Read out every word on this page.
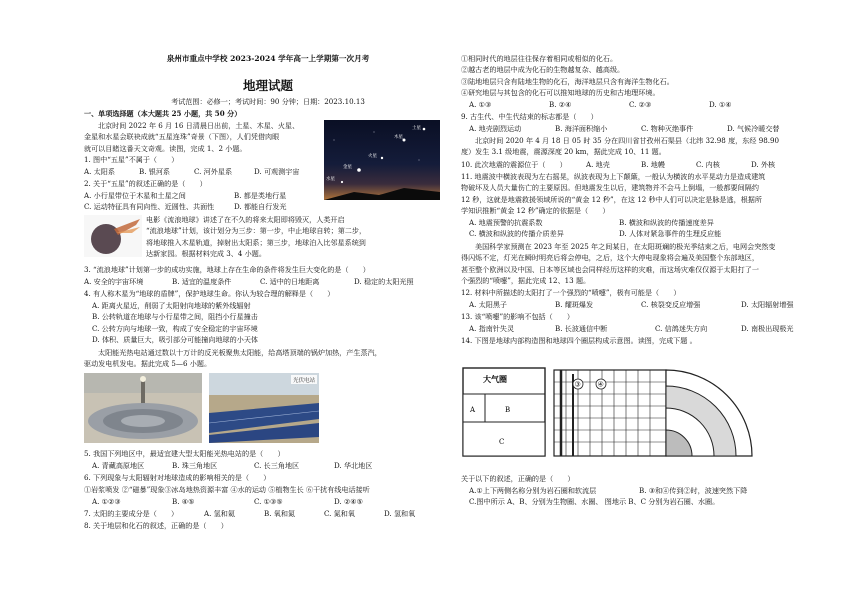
泉州市重点中学校 2023-2024 学年高一上学期第一次月考
地理试题
考试范围：必修一；考试时间：90 分钟；日期：2023.10.13
一、单项选择题（本大题共 25 小题，共 50 分）
北京时间 2022 年 6 月 16 日清晨日出前，土星、木星、火星、
金星和水星会联袂成就“五星连珠”奇景（下图），人们凭借肉眼
就可以目睹这番天文奇观。读图，完成 1、2 小题。
1. 图中“五星”不属于（　　）
A. 太阳系	B. 银河系	C. 河外星系	D. 可观测宇宙
2. 关于“五星”的叙述正确的是（　　）
A. 小行星带位于木星和土星之间	B. 都是类地行星
C. 运动特征具有同向性、近圆性、共面性	D. 都能自行发光
土星
木星
火星
金星
水星
电影《流浪地球》讲述了在不久的将来太阳即将毁灭，人类开启
“流浪地球”计划，该计划分为三步：第一步，中止地球自转；第二步，
将地球推入木星轨道，掉射出太阳系；第三步，地球泊入比邻星系统到
达新家园。根据材料完成 3、4 小题。
3. “流浪地球”计划第一步的成功实施，地球上存在生命的条件将发生巨大变化的是（　　）
A. 安全的宇宙环境	B. 适宜的温度条件	C. 适中的日地距离	D. 稳定的太阳光照
4. 有人称木星为“地球的盾牌”，保护地球生命。你认为较合理的解释是（　　）
A. 距离火星近，削弱了太阳射向地球的紫外线辐射
B. 公转轨道在地球与小行星带之间，阻挡小行星撞击
C. 公转方向与地球一致，构成了安全稳定的宇宙环境
D. 体积、质量巨大，吸引部分可能撞向地球的小天体
太阳能光热电站通过数以十万计的反光板聚焦太阳能，给高塔顶端的锅炉加热，产生蒸汽，
驱动发电机发电。据此完成 5—6 小题。
光伏电站
5. 我国下列地区中，最适宜建大型太阳能光热电站的是（　　）
A. 青藏高原地区	B. 珠三角地区	C. 长三角地区	D. 华北地区
6. 下列现象与太阳辐射对地球造成的影响相关的是（　　）
①岩浆喷发 ②“磁暴”现象③冰岛地热资源丰富 ④水的运动 ⑤植物生长 ⑥干扰有线电话接听
A. ①②③	B. ④⑤	C. ①③⑤	D. ②④⑤
7. 太阳的主要成分是（　　）	A. 氢和氦	B. 氧和氮	C. 氮和氧	D. 氢和氧
8. 关于地层和化石的叙述，正确的是（　　）
①相同时代的地层往往保存着相同或相似的化石。
②越古老的地层中成为化石的生物越复杂、越高级。
③陆地地层只含有陆地生物的化石，海洋地层只含有海洋生物化石。
④研究地层与其包含的化石可以推知地球的历史和古地理环境。
A. ①③	B. ②④	C. ②③	D. ①④
9. 古生代、中生代结束的标志都是（　　）
A. 地壳剧烈运动	B. 海洋面积缩小	C. 物种灭绝事件	D. 气候冷暖交替
北京时间 2020 年 4 月 18 日 05 时 35 分在四川省甘孜州石渠县（北纬 32.98 度，东经 98.90
度）发生 3.1 级地震，震源深度 20 km，据此完成 10、11 题。
10. 此次地震的震源位于（　　）	A. 地壳	B. 地幔	C. 内核	D. 外核
11. 地震波中横波表现为左右摇晃，纵波表现为上下颠簸，一般认为横波的水平晃动力是造成建筑
物破坏及人员大量伤亡的主要原因。但地震发生以后，建筑物并不会马上倒塌，一般都要间隔约
12 秒，这就是地震救援领域所说的“黄金 12 秒”，在这 12 秒中人们可以决定是脉是逃，根据所
学知识推断“黄金 12 秒”确定的依据是（　　）
A. 地震预警的抗震系数	B. 横波和纵波的传播速度差异
C. 横波和纵波的传播介质差异	D. 人体对紧急事件的生理反应能
美国科学家预测在 2023 年至 2025 年之间某日，在太阳斑斓的极光季结束之后，电网会突然变
得闪烁不定，灯光在瞬时明亮后将会停电，之后，这个大停电现象将会遍及美国整个东部地区，
甚至整个欧洲以及中国、日本等区域也会同样经历这样的灾难，而这场灾难仅仅源于太阳打了一
个强烈的“喷嚏”，据此完成 12、13 题。
12. 材料中所描述的太阳打了一个强烈的“喷嚏”，极有可能是（　　）
A. 太阳黑子	B. 耀斑爆发	C. 核裂变反应增强	D. 太阳辐射增强
13. 该“喷嚏”的影响不包括（　　）
A. 指南针失灵	B. 长波通信中断	C. 信鸽迷失方向	D. 南极出现极光
14. 下图是地球内部构造图和地球四个圈层构成示意图。读图，完成下题 。
大气圈
A	B
C
③ ④
关于以下的叙述，正确的是（　　）
A.①上下两侧名称分别为岩石圈和软流层	B. ③和④传到②时，波速突然下降
C.图中所示 A、B、分别为生物圈、水圈、 图地示 B、C 分别为岩石圈、水圈。
